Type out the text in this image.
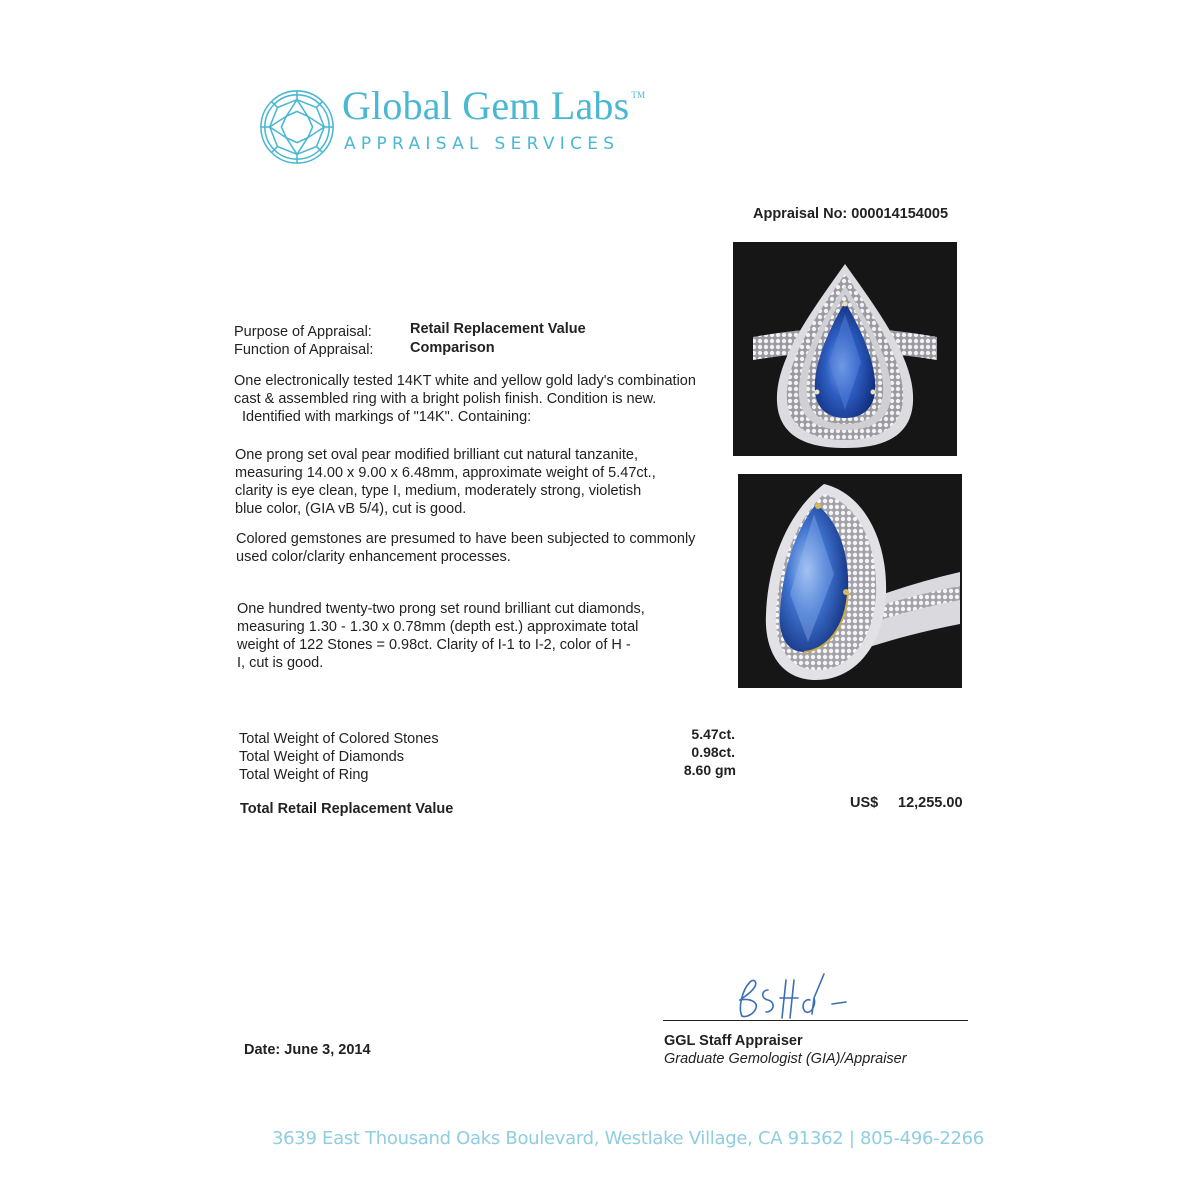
Global Gem Labs ™
APPRAISAL SERVICES
Appraisal No: 000014154005
Purpose of Appraisal:	Retail Replacement Value
Function of Appraisal:	Comparison
One electronically tested 14KT white and yellow gold lady's combination
cast & assembled ring with a bright polish finish. Condition is new.
Identified with markings of "14K". Containing:
One prong set oval pear modified brilliant cut natural tanzanite,
measuring 14.00 x 9.00 x 6.48mm, approximate weight of 5.47ct.,
clarity is eye clean, type I, medium, moderately strong, violetish
blue color, (GIA vB 5/4), cut is good.
Colored gemstones are presumed to have been subjected to commonly
used color/clarity enhancement processes.
One hundred twenty-two prong set round brilliant cut diamonds,
measuring 1.30 - 1.30 x 0.78mm (depth est.) approximate total
weight of 122 Stones = 0.98ct. Clarity of I-1 to I-2, color of H -
I, cut is good.
Total Weight of Colored Stones	5.47ct.
Total Weight of Diamonds	0.98ct.
Total Weight of Ring	8.60 gm
Total Retail Replacement Value	US$ 12,255.00
GGL Staff Appraiser
Graduate Gemologist (GIA)/Appraiser
Date: June 3, 2014
3639 East Thousand Oaks Boulevard, Westlake Village, CA 91362 | 805-496-2266
